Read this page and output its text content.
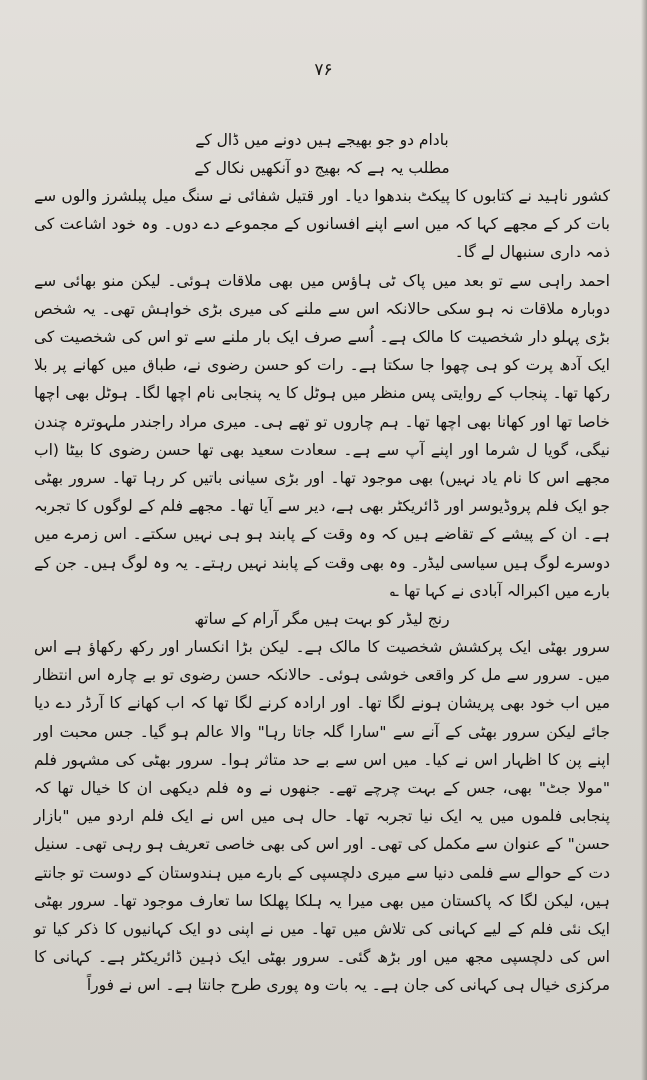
۷۶

بادام دو جو بھیجے ہیں دونے میں ڈال کے

مطلب یہ ہے کہ بھیج دو آنکھیں نکال کے

کشور ناہید نے کتابوں کا پیکٹ بندھوا دیا۔ اور قتیل شفائی نے سنگ میل پبلشرز والوں سے بات کر کے مجھے کہا کہ میں اسے اپنے افسانوں کے مجموعے دے دوں۔ وہ خود اشاعت کی ذمہ داری سنبھال لے گا۔

احمد راہی سے تو بعد میں پاک ٹی ہاؤس میں بھی ملاقات ہوئی۔ لیکن منو بھائی سے دوبارہ ملاقات نہ ہو سکی حالانکہ اس سے ملنے کی میری بڑی خواہش تھی۔ یہ شخص بڑی پہلو دار شخصیت کا مالک ہے۔ اُسے صرف ایک بار ملنے سے تو اس کی شخصیت کی ایک آدھ پرت کو ہی چھوا جا سکتا ہے۔ رات کو حسن رضوی نے، طباق میں کھانے پر بلا رکھا تھا۔ پنجاب کے روایتی پس منظر میں ہوٹل کا یہ پنجابی نام اچھا لگا۔ ہوٹل بھی اچھا خاصا تھا اور کھانا بھی اچھا تھا۔ ہم چاروں تو تھے ہی۔ میری مراد راجندر ملہوترہ چندن نیگی، گویا ل شرما اور اپنے آپ سے ہے۔ سعادت سعید بھی تھا حسن رضوی کا بیٹا (اب مجھے اس کا نام یاد نہیں) بھی موجود تھا۔ اور بڑی سیانی باتیں کر رہا تھا۔ سرور بھٹی جو ایک فلم پروڈیوسر اور ڈائریکٹر بھی ہے، دیر سے آیا تھا۔ مجھے فلم کے لوگوں کا تجربہ ہے۔ ان کے پیشے کے تقاضے ہیں کہ وہ وقت کے پابند ہو ہی نہیں سکتے۔ اس زمرے میں دوسرے لوگ ہیں سیاسی لیڈر۔ وہ بھی وقت کے پابند نہیں رہتے۔ یہ وہ لوگ ہیں۔ جن کے بارے میں اکبرالہ آبادی نے کہا تھا ؎

رنج لیڈر کو بہت ہیں مگر آرام کے ساتھ

سرور بھٹی ایک پرکشش شخصیت کا مالک ہے۔ لیکن بڑا انکسار اور رکھ رکھاؤ ہے اس میں۔ سرور سے مل کر واقعی خوشی ہوئی۔ حالانکہ حسن رضوی تو بے چارہ اس انتظار میں اب خود بھی پریشان ہونے لگا تھا۔ اور ارادہ کرنے لگا تھا کہ اب کھانے کا آرڈر دے دیا جائے لیکن سرور بھٹی کے آنے سے "سارا گلہ جاتا رہا" والا عالم ہو گیا۔ جس محبت اور اپنے پن کا اظہار اس نے کیا۔ میں اس سے بے حد متاثر ہوا۔ سرور بھٹی کی مشہور فلم "مولا جٹ" بھی، جس کے بہت چرچے تھے۔ جنھوں نے وہ فلم دیکھی ان کا خیال تھا کہ پنجابی فلموں میں یہ ایک نیا تجربہ تھا۔ حال ہی میں اس نے ایک فلم اردو میں "بازار حسن" کے عنوان سے مکمل کی تھی۔ اور اس کی بھی خاصی تعریف ہو رہی تھی۔ سنیل دت کے حوالے سے فلمی دنیا سے میری دلچسپی کے بارے میں ہندوستان کے دوست تو جانتے ہیں، لیکن لگا کہ پاکستان میں بھی میرا یہ ہلکا پھلکا سا تعارف موجود تھا۔ سرور بھٹی ایک نئی فلم کے لیے کہانی کی تلاش میں تھا۔ میں نے اپنی دو ایک کہانیوں کا ذکر کیا تو اس کی دلچسپی مجھ میں اور بڑھ گئی۔ سرور بھٹی ایک ذہین ڈائریکٹر ہے۔ کہانی کا مرکزی خیال ہی کہانی کی جان ہے۔ یہ بات وہ پوری طرح جانتا ہے۔ اس نے فوراً
